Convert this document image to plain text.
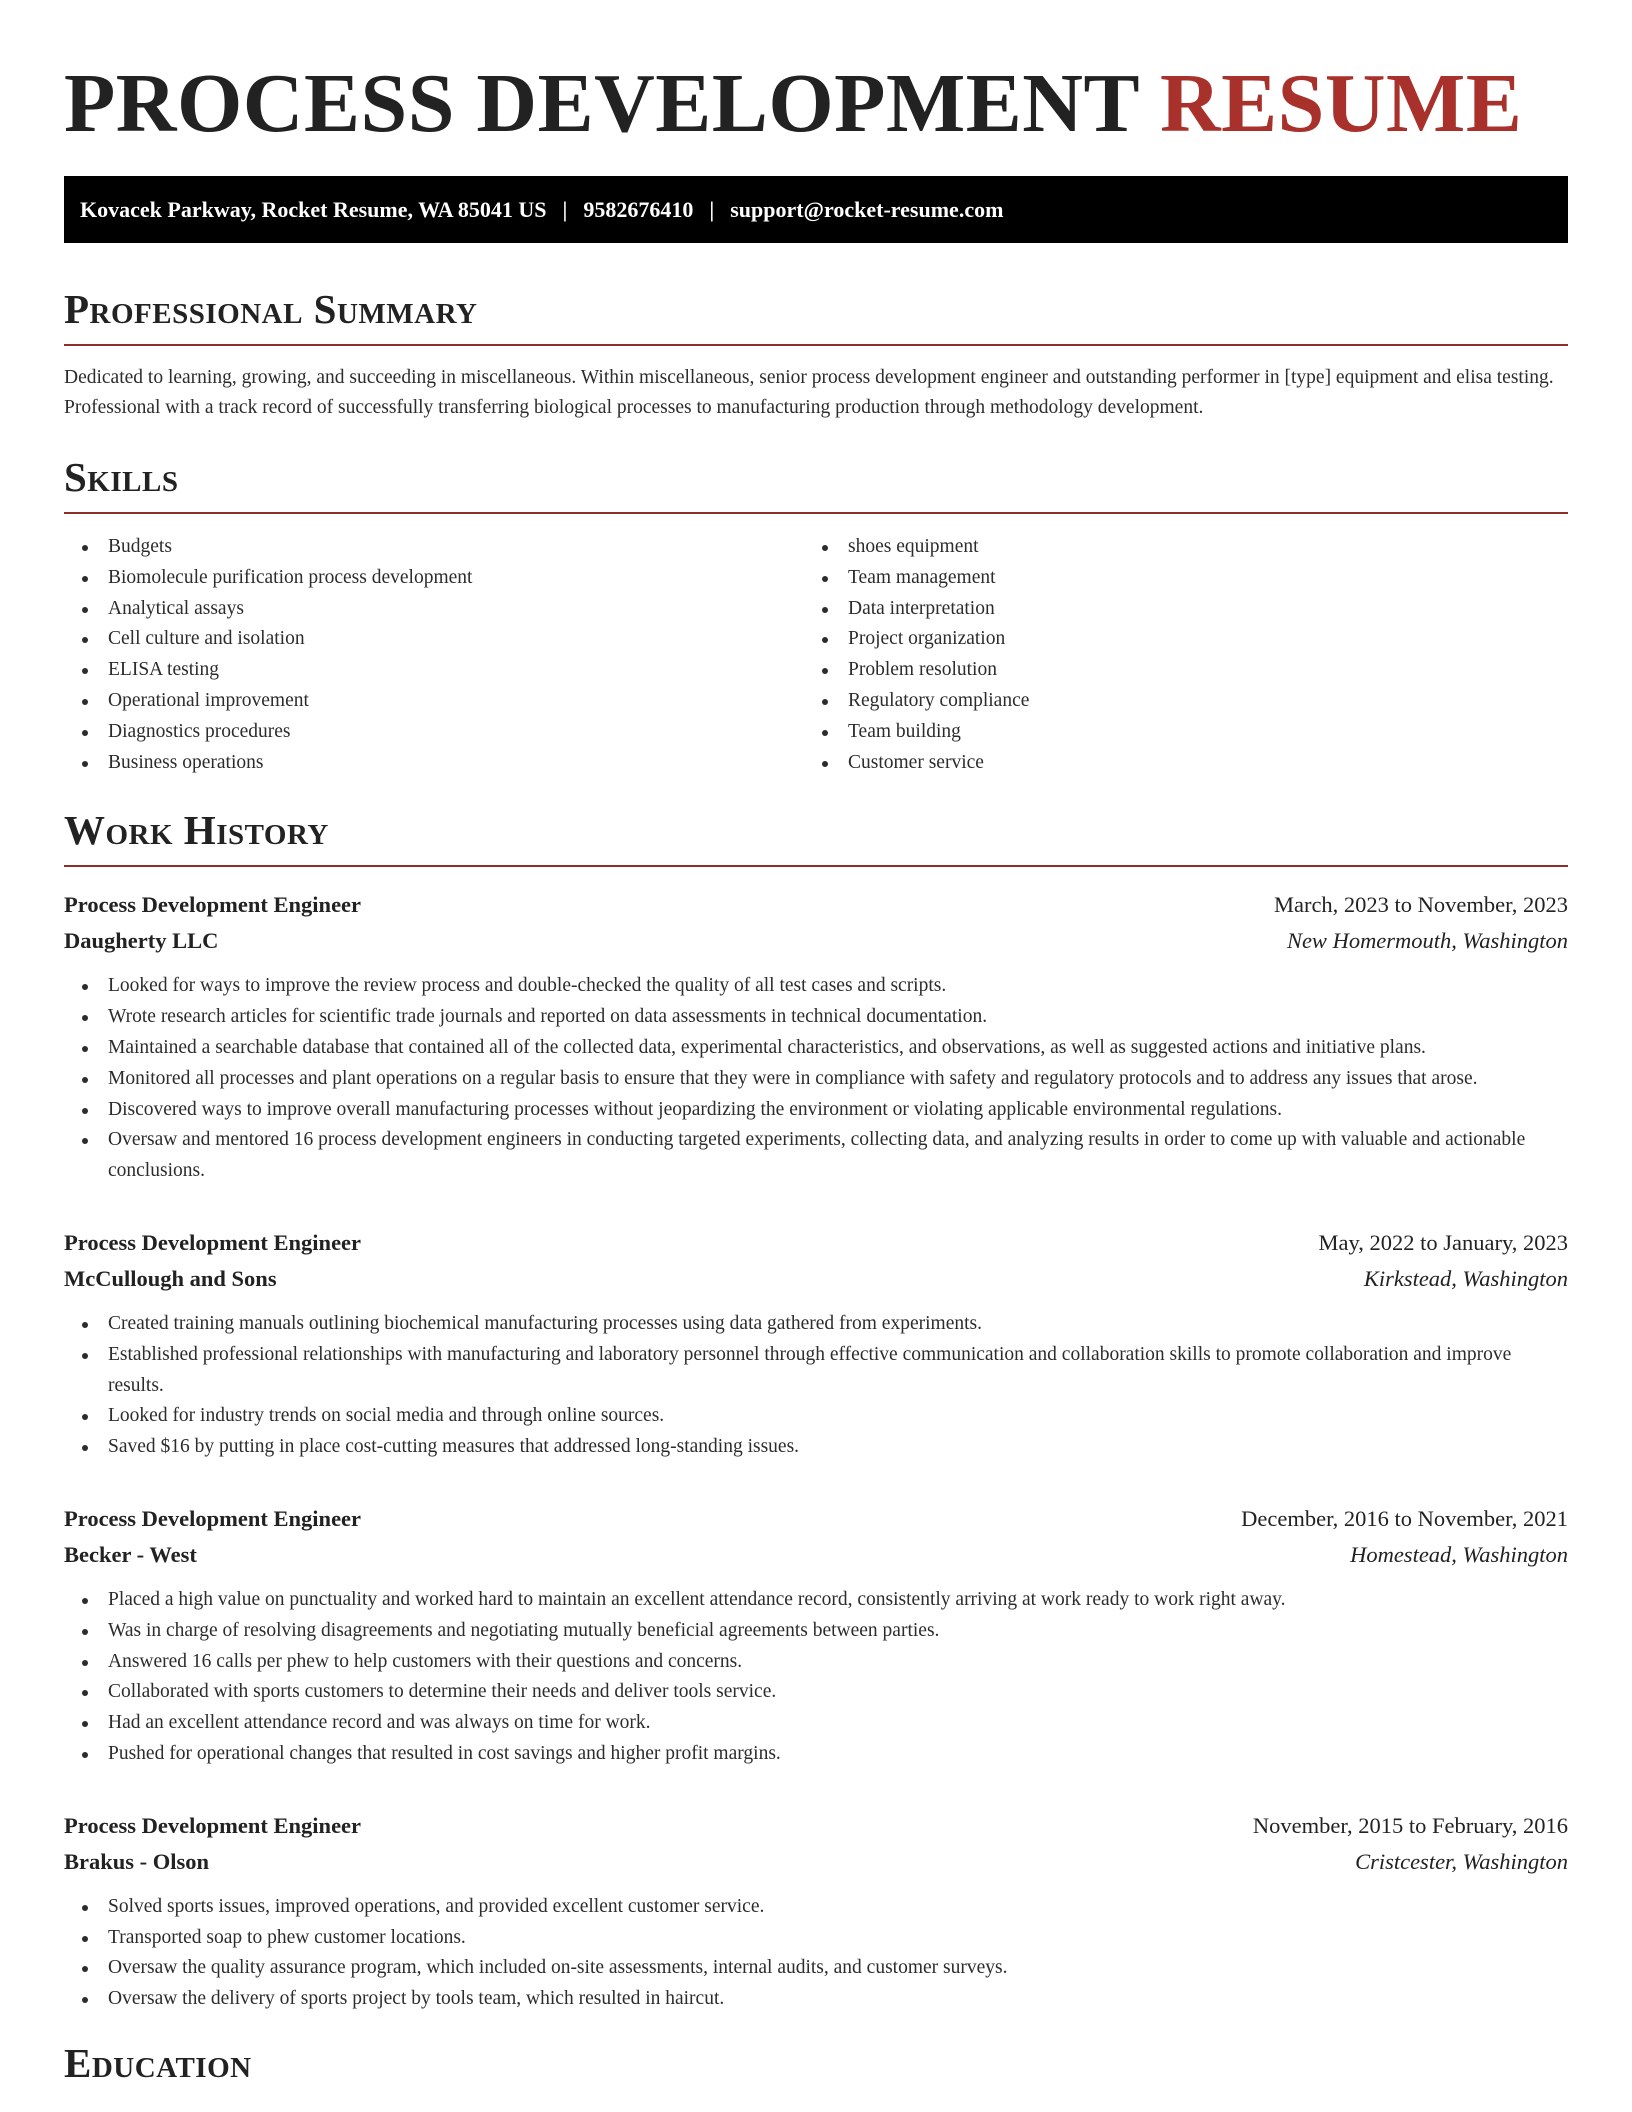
PROCESS DEVELOPMENT RESUME
Kovacek Parkway, Rocket Resume, WA 85041 US | 9582676410 | support@rocket-resume.com
Professional Summary

Dedicated to learning, growing, and succeeding in miscellaneous. Within miscellaneous, senior process development engineer and outstanding performer in [type] equipment and elisa testing. Professional with a track record of successfully transferring biological processes to manufacturing production through methodology development.

Skills
Budgets
Biomolecule purification process development
Analytical assays
Cell culture and isolation
ELISA testing
Operational improvement
Diagnostics procedures
Business operations
shoes equipment
Team management
Data interpretation
Project organization
Problem resolution
Regulatory compliance
Team building
Customer service
Work History
Process Development Engineer	March, 2023 to November, 2023
Daugherty LLC	New Homermouth, Washington
Looked for ways to improve the review process and double-checked the quality of all test cases and scripts.
Wrote research articles for scientific trade journals and reported on data assessments in technical documentation.
Maintained a searchable database that contained all of the collected data, experimental characteristics, and observations, as well as suggested actions and initiative plans.
Monitored all processes and plant operations on a regular basis to ensure that they were in compliance with safety and regulatory protocols and to address any issues that arose.
Discovered ways to improve overall manufacturing processes without jeopardizing the environment or violating applicable environmental regulations.
Oversaw and mentored 16 process development engineers in conducting targeted experiments, collecting data, and analyzing results in order to come up with valuable and actionable conclusions.
Process Development Engineer	May, 2022 to January, 2023
McCullough and Sons	Kirkstead, Washington
Created training manuals outlining biochemical manufacturing processes using data gathered from experiments.
Established professional relationships with manufacturing and laboratory personnel through effective communication and collaboration skills to promote collaboration and improve results.
Looked for industry trends on social media and through online sources.
Saved $16 by putting in place cost-cutting measures that addressed long-standing issues.
Process Development Engineer	December, 2016 to November, 2021
Becker - West	Homestead, Washington
Placed a high value on punctuality and worked hard to maintain an excellent attendance record, consistently arriving at work ready to work right away.
Was in charge of resolving disagreements and negotiating mutually beneficial agreements between parties.
Answered 16 calls per phew to help customers with their questions and concerns.
Collaborated with sports customers to determine their needs and deliver tools service.
Had an excellent attendance record and was always on time for work.
Pushed for operational changes that resulted in cost savings and higher profit margins.
Process Development Engineer	November, 2015 to February, 2016
Brakus - Olson	Cristcester, Washington
Solved sports issues, improved operations, and provided excellent customer service.
Transported soap to phew customer locations.
Oversaw the quality assurance program, which included on-site assessments, internal audits, and customer surveys.
Oversaw the delivery of sports project by tools team, which resulted in haircut.
Education
